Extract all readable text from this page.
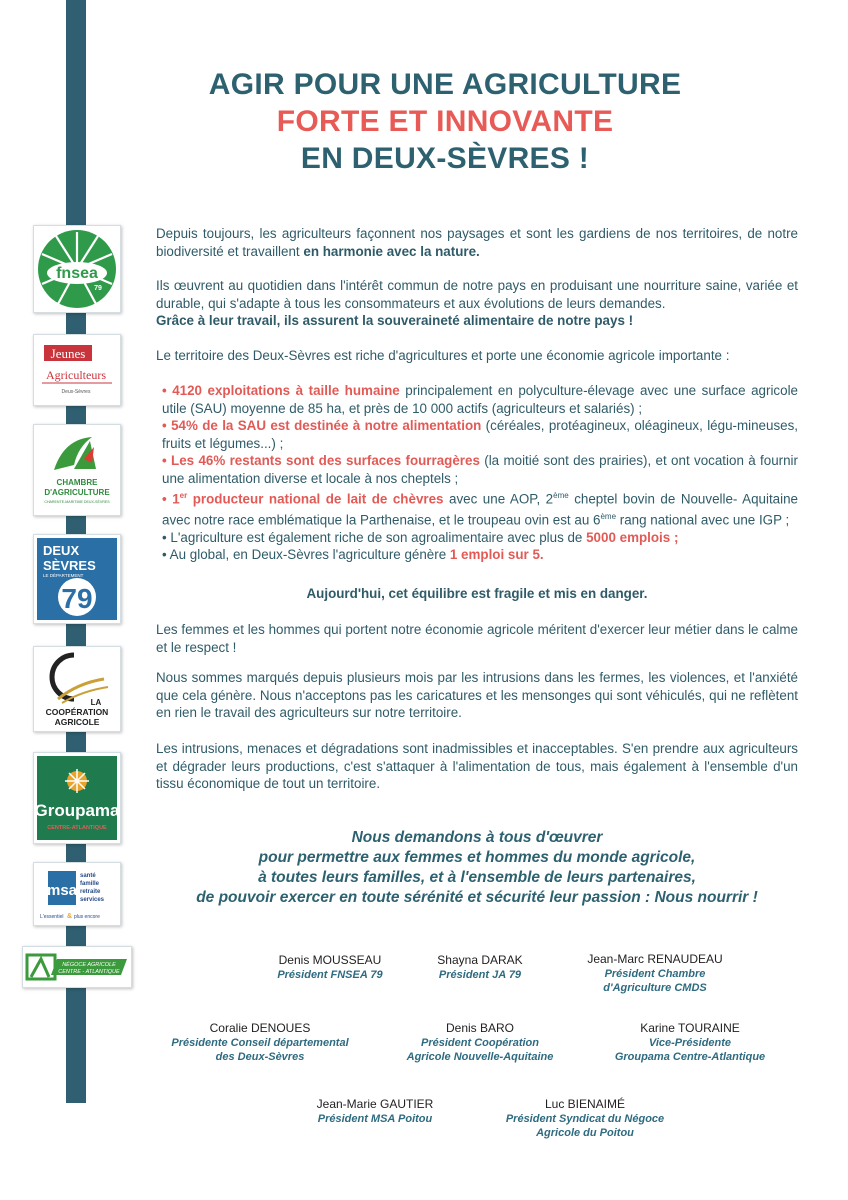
fnsea
79
Jeunes
Agriculteurs
Deux-Sèvres
CHAMBRE
D'AGRICULTURE
CHARENTE-MARITIME DEUX-SÈVRES
DEUX
SÈVRES
LE DÉPARTEMENT
79
LA
COOPÉRATION
AGRICOLE
Groupama
CENTRE-ATLANTIQUE
msa
santé
famille
retraite
services
L'essentiel & plus encore
NÉGOCE AGRICOLE
CENTRE - ATLANTIQUE
AGIR POUR UNE AGRICULTURE
FORTE ET INNOVANTE
EN DEUX-SÈVRES !
Depuis toujours, les agriculteurs façonnent nos paysages et sont les gardiens de nos territoires, de notre biodiversité et travaillent en harmonie avec la nature.
Ils œuvrent au quotidien dans l'intérêt commun de notre pays en produisant une nourriture saine, variée et durable, qui s'adapte à tous les consommateurs et aux évolutions de leurs demandes.
Grâce à leur travail, ils assurent la souveraineté alimentaire de notre pays !
Le territoire des Deux-Sèvres est riche d'agricultures et porte une économie agricole importante :
• 4120 exploitations à taille humaine principalement en polyculture-élevage avec une surface agricole utile (SAU) moyenne de 85 ha, et près de 10 000 actifs (agriculteurs et salariés) ;
• 54% de la SAU est destinée à notre alimentation (céréales, protéagineux, oléagineux, légu-mineuses, fruits et légumes...) ;
• Les 46% restants sont des surfaces fourragères (la moitié sont des prairies), et ont vocation à fournir une alimentation diverse et locale à nos cheptels ;
• 1er producteur national de lait de chèvres avec une AOP, 2ème cheptel bovin de Nouvelle- Aquitaine avec notre race emblématique la Parthenaise, et le troupeau ovin est au 6ème rang national avec une IGP ;
• L'agriculture est également riche de son agroalimentaire avec plus de 5000 emplois ;
• Au global, en Deux-Sèvres l'agriculture génère 1 emploi sur 5.
Aujourd'hui, cet équilibre est fragile et mis en danger.
Les femmes et les hommes qui portent notre économie agricole méritent d'exercer leur métier dans le calme et le respect !
Nous sommes marqués depuis plusieurs mois par les intrusions dans les fermes, les violences, et l'anxiété que cela génère. Nous n'acceptons pas les caricatures et les mensonges qui sont véhiculés, qui ne reflètent en rien le travail des agriculteurs sur notre territoire.
Les intrusions, menaces et dégradations sont inadmissibles et inacceptables. S'en prendre aux agriculteurs et dégrader leurs productions, c'est s'attaquer à l'alimentation de tous, mais également à l'ensemble d'un tissu économique de tout un territoire.
Nous demandons à tous d'œuvrer
pour permettre aux femmes et hommes du monde agricole,
à toutes leurs familles, et à l'ensemble de leurs partenaires,
de pouvoir exercer en toute sérénité et sécurité leur passion : Nous nourrir !
Denis MOUSSEAU
Président FNSEA 79
Shayna DARAK
Président JA 79
Jean-Marc RENAUDEAU
Président Chambre
d'Agriculture CMDS
Coralie DENOUES
Présidente Conseil départemental
des Deux-Sèvres
Denis BARO
Président Coopération
Agricole Nouvelle-Aquitaine
Karine TOURAINE
Vice-Présidente
Groupama Centre-Atlantique
Jean-Marie GAUTIER
Président MSA Poitou
Luc BIENAIMÉ
Président Syndicat du Négoce
Agricole du Poitou
